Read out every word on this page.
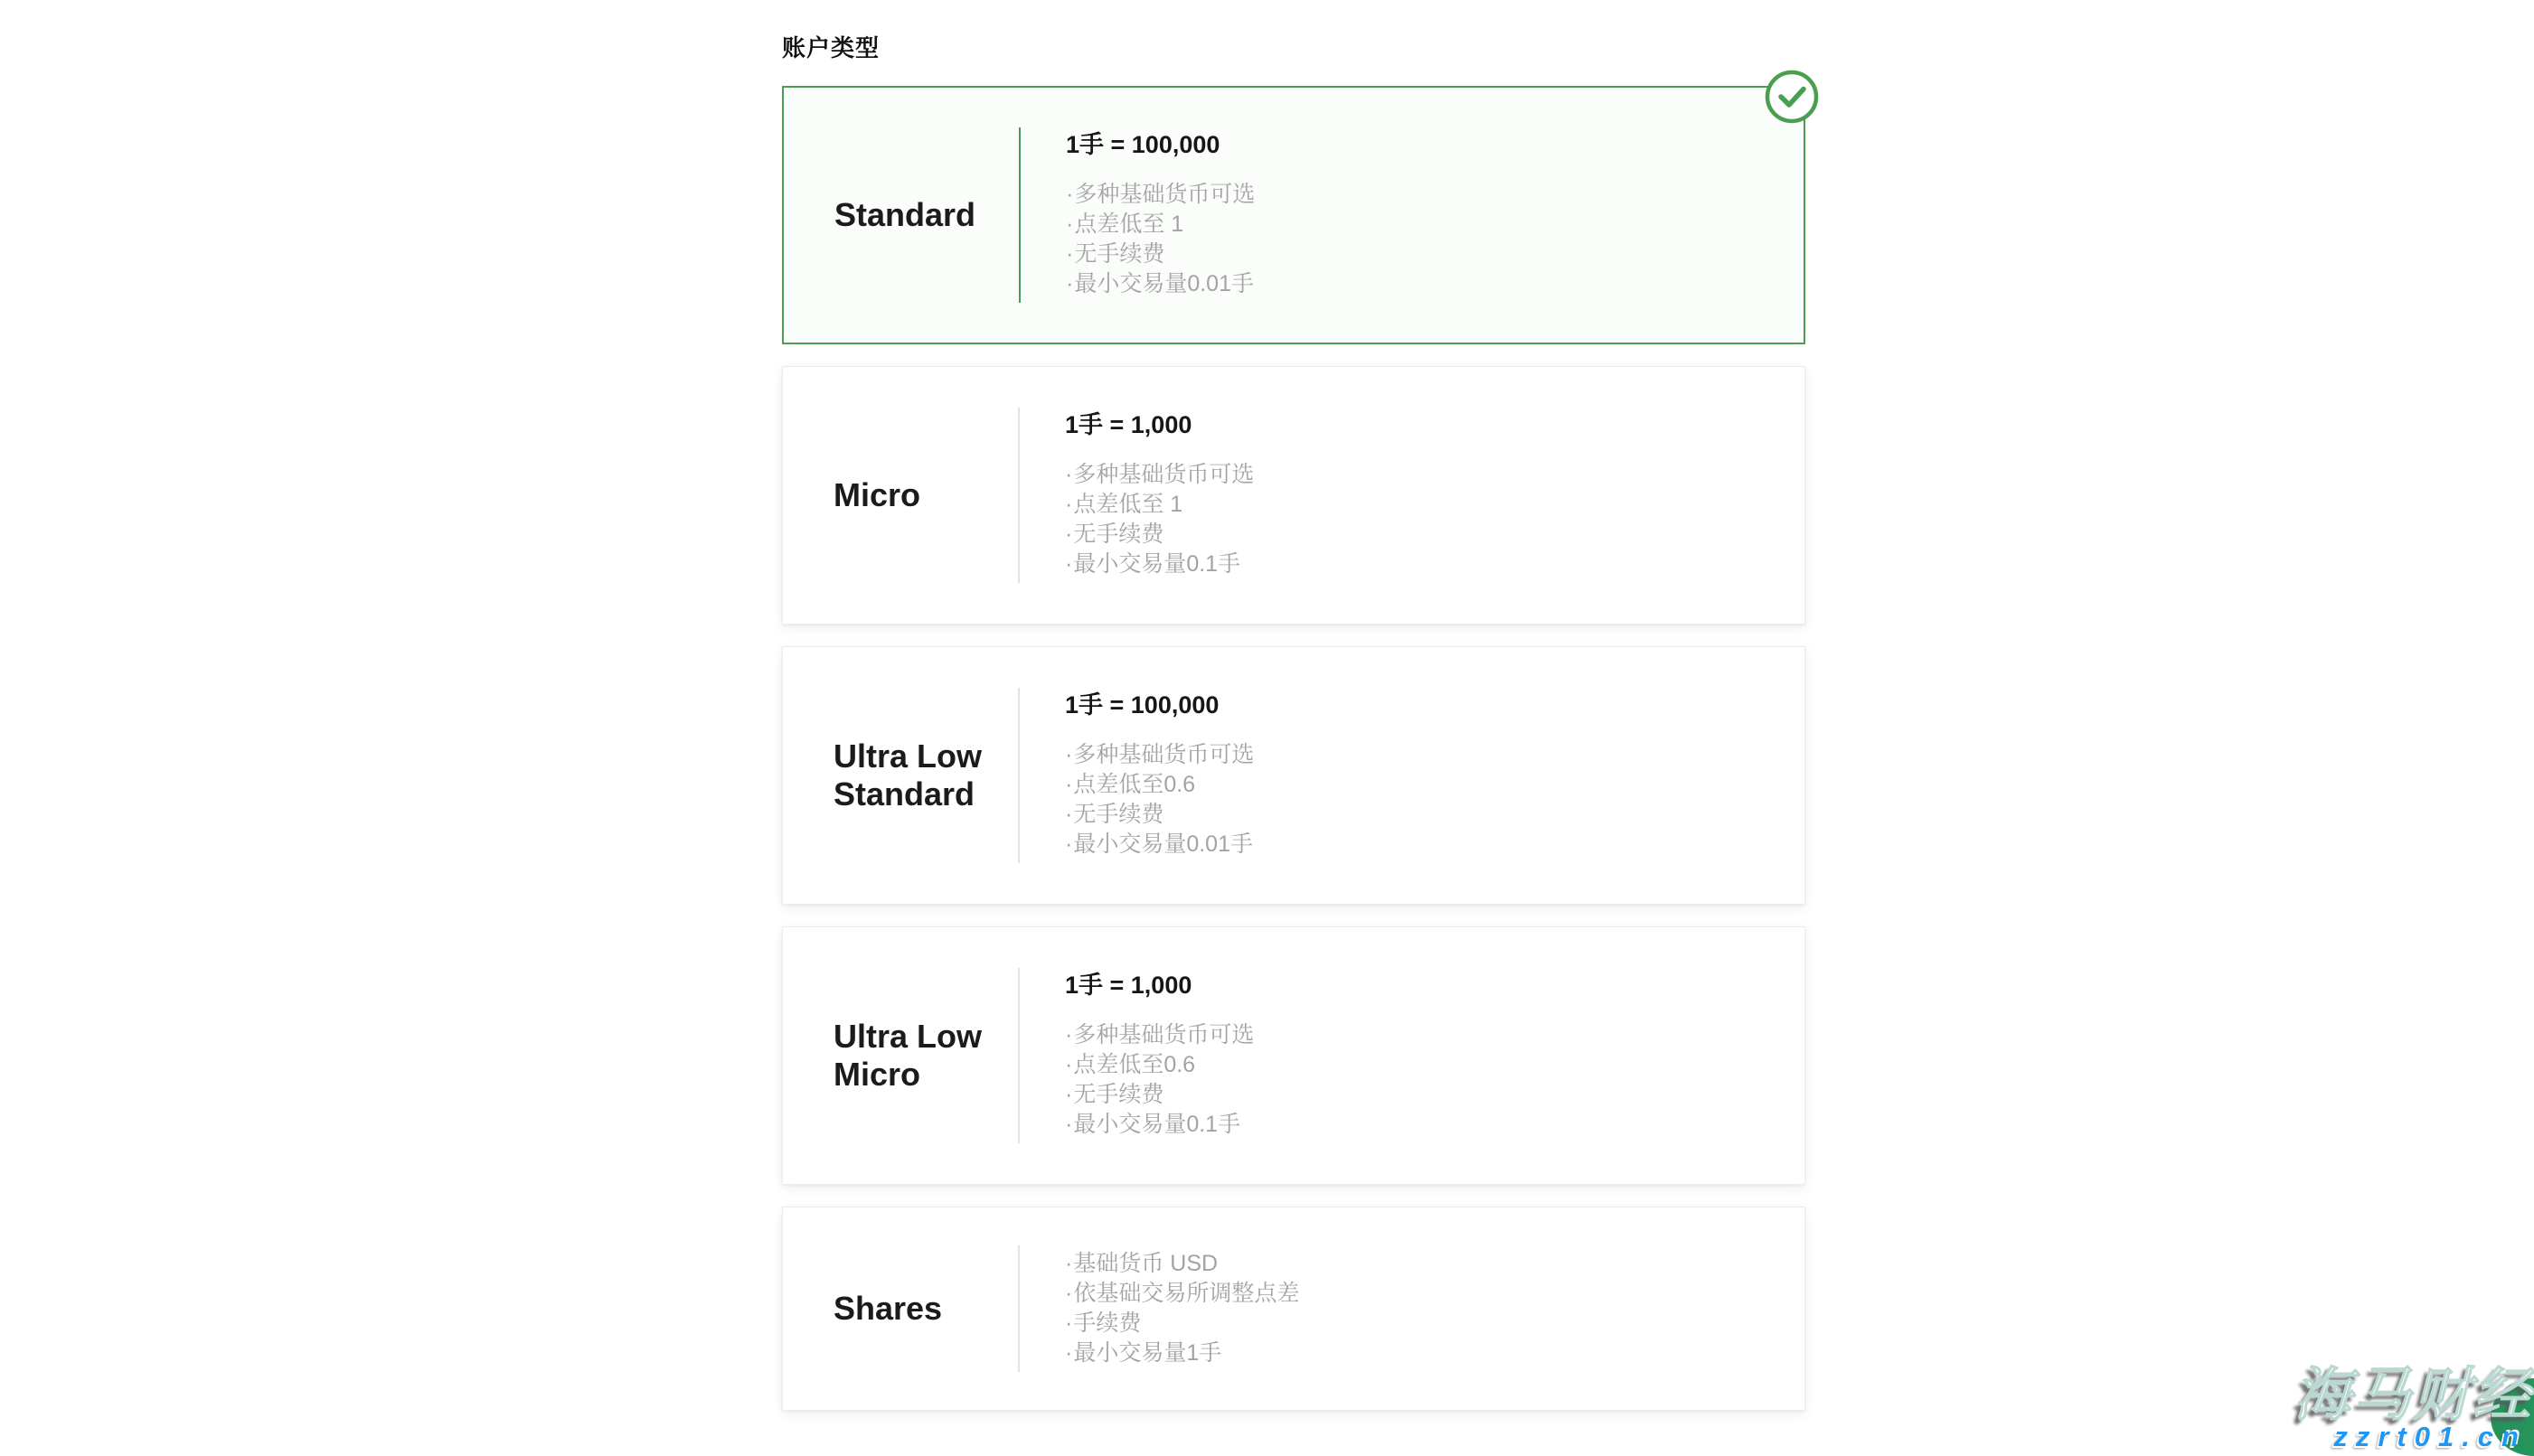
账户类型
Standard
1手 = 100,000
·多种基础货币可选
·点差低至 1
·无手续费
·最小交易量0.01手
Micro
1手 = 1,000
·多种基础货币可选
·点差低至 1
·无手续费
·最小交易量0.1手
Ultra Low Standard
1手 = 100,000
·多种基础货币可选
·点差低至0.6
·无手续费
·最小交易量0.01手
Ultra Low Micro
1手 = 1,000
·多种基础货币可选
·点差低至0.6
·无手续费
·最小交易量0.1手
Shares
·基础货币 USD
·依基础交易所调整点差
·手续费
·最小交易量1手
海马财经
zzrt01.cn
